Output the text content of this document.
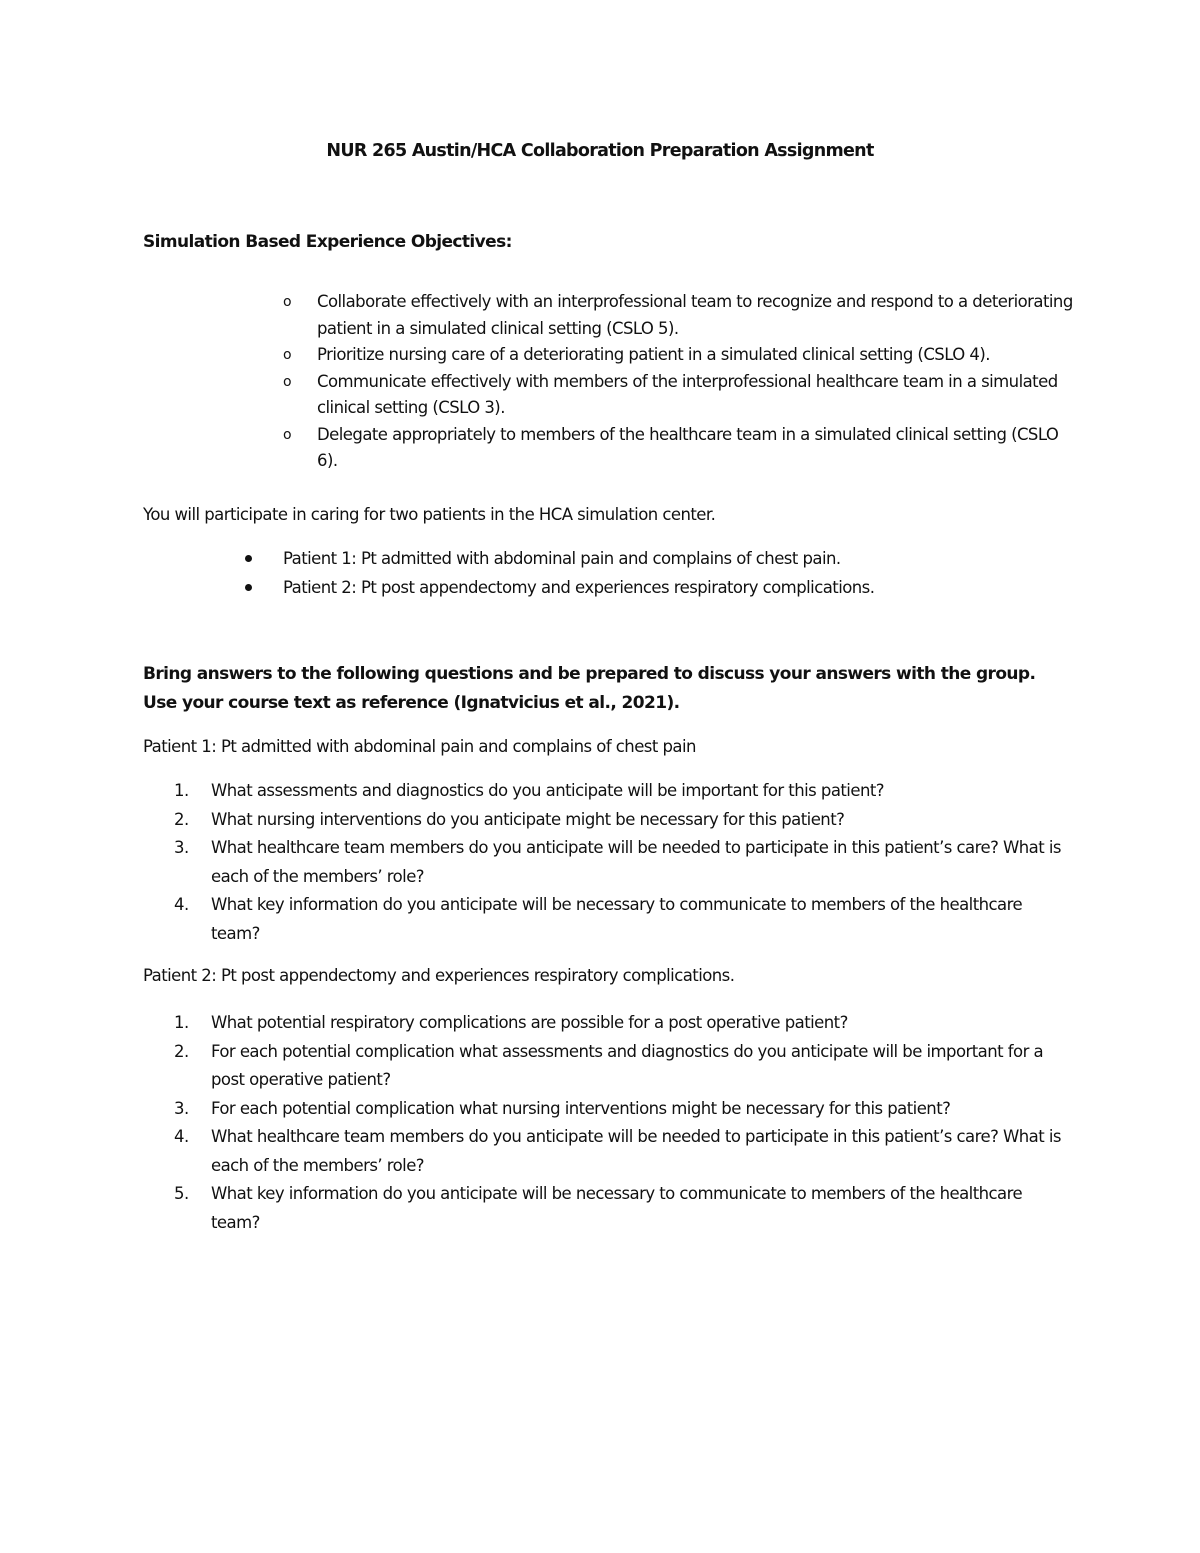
NUR 265 Austin/HCA Collaboration Preparation Assignment
Simulation Based Experience Objectives:
o Collaborate effectively with an interprofessional team to recognize and respond to a deteriorating patient in a simulated clinical setting (CSLO 5).
o Prioritize nursing care of a deteriorating patient in a simulated clinical setting (CSLO 4).
o Communicate effectively with members of the interprofessional healthcare team in a simulated clinical setting (CSLO 3).
o Delegate appropriately to members of the healthcare team in a simulated clinical setting (CSLO 6).

You will participate in caring for two patients in the HCA simulation center.

Patient 1: Pt admitted with abdominal pain and complains of chest pain.
Patient 2: Pt post appendectomy and experiences respiratory complications.

Bring answers to the following questions and be prepared to discuss your answers with the group. Use your course text as reference (Ignatvicius et al., 2021).

Patient 1: Pt admitted with abdominal pain and complains of chest pain

1. What assessments and diagnostics do you anticipate will be important for this patient?
2. What nursing interventions do you anticipate might be necessary for this patient?
3. What healthcare team members do you anticipate will be needed to participate in this patient’s care? What is each of the members’ role?
4. What key information do you anticipate will be necessary to communicate to members of the healthcare team?

Patient 2: Pt post appendectomy and experiences respiratory complications.

1. What potential respiratory complications are possible for a post operative patient?
2. For each potential complication what assessments and diagnostics do you anticipate will be important for a post operative patient?
3. For each potential complication what nursing interventions might be necessary for this patient?
4. What healthcare team members do you anticipate will be needed to participate in this patient’s care? What is each of the members’ role?
5. What key information do you anticipate will be necessary to communicate to members of the healthcare team?
